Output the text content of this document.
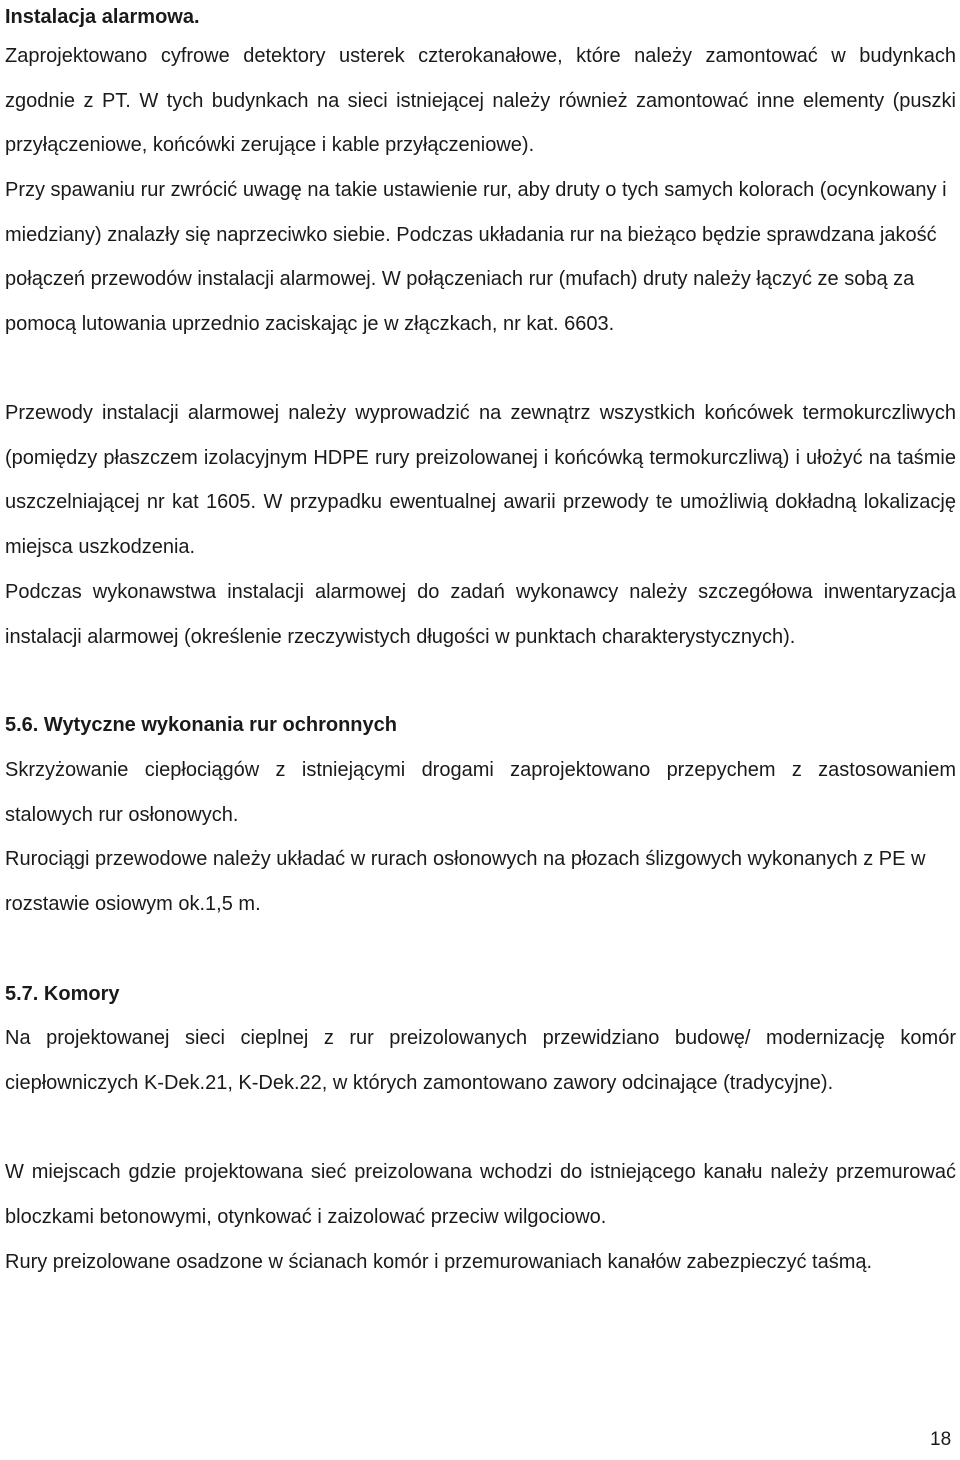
Instalacja alarmowa.

Zaprojektowano cyfrowe detektory usterek czterokanałowe, które należy zamontować w budynkach zgodnie z PT. W tych budynkach na sieci istniejącej należy również zamontować inne elementy (puszki przyłączeniowe, końcówki zerujące i kable przyłączeniowe).

Przy spawaniu rur zwrócić uwagę na takie ustawienie rur, aby druty o tych samych kolorach (ocynkowany i miedziany) znalazły się naprzeciwko siebie. Podczas układania rur na bieżąco będzie sprawdzana jakość połączeń przewodów instalacji alarmowej. W połączeniach rur (mufach) druty należy łączyć ze sobą za pomocą lutowania uprzednio zaciskając je w złączkach, nr kat. 6603.

Przewody instalacji alarmowej należy wyprowadzić na zewnątrz wszystkich końcówek termokurczliwych (pomiędzy płaszczem izolacyjnym HDPE rury preizolowanej i końcówką termokurczliwą) i ułożyć na taśmie uszczelniającej nr kat 1605. W przypadku ewentualnej awarii przewody te umożliwią dokładną lokalizację miejsca uszkodzenia.

Podczas wykonawstwa instalacji alarmowej do zadań wykonawcy należy szczegółowa inwentaryzacja instalacji alarmowej (określenie rzeczywistych długości w punktach charakterystycznych).

5.6. Wytyczne wykonania rur ochronnych

Skrzyżowanie ciepłociągów z istniejącymi drogami zaprojektowano przepychem z zastosowaniem stalowych rur osłonowych.

Rurociągi przewodowe należy układać w rurach osłonowych na płozach ślizgowych wykonanych z PE w rozstawie osiowym ok.1,5 m.

5.7. Komory

Na projektowanej sieci cieplnej z rur preizolowanych przewidziano budowę/ modernizację komór ciepłowniczych K-Dek.21, K-Dek.22, w których zamontowano zawory odcinające (tradycyjne).

W miejscach gdzie projektowana sieć preizolowana wchodzi do istniejącego kanału należy przemurować bloczkami betonowymi, otynkować i zaizolować przeciw wilgociowo.

Rury preizolowane osadzone w ścianach komór i przemurowaniach kanałów zabezpieczyć taśmą.

18
